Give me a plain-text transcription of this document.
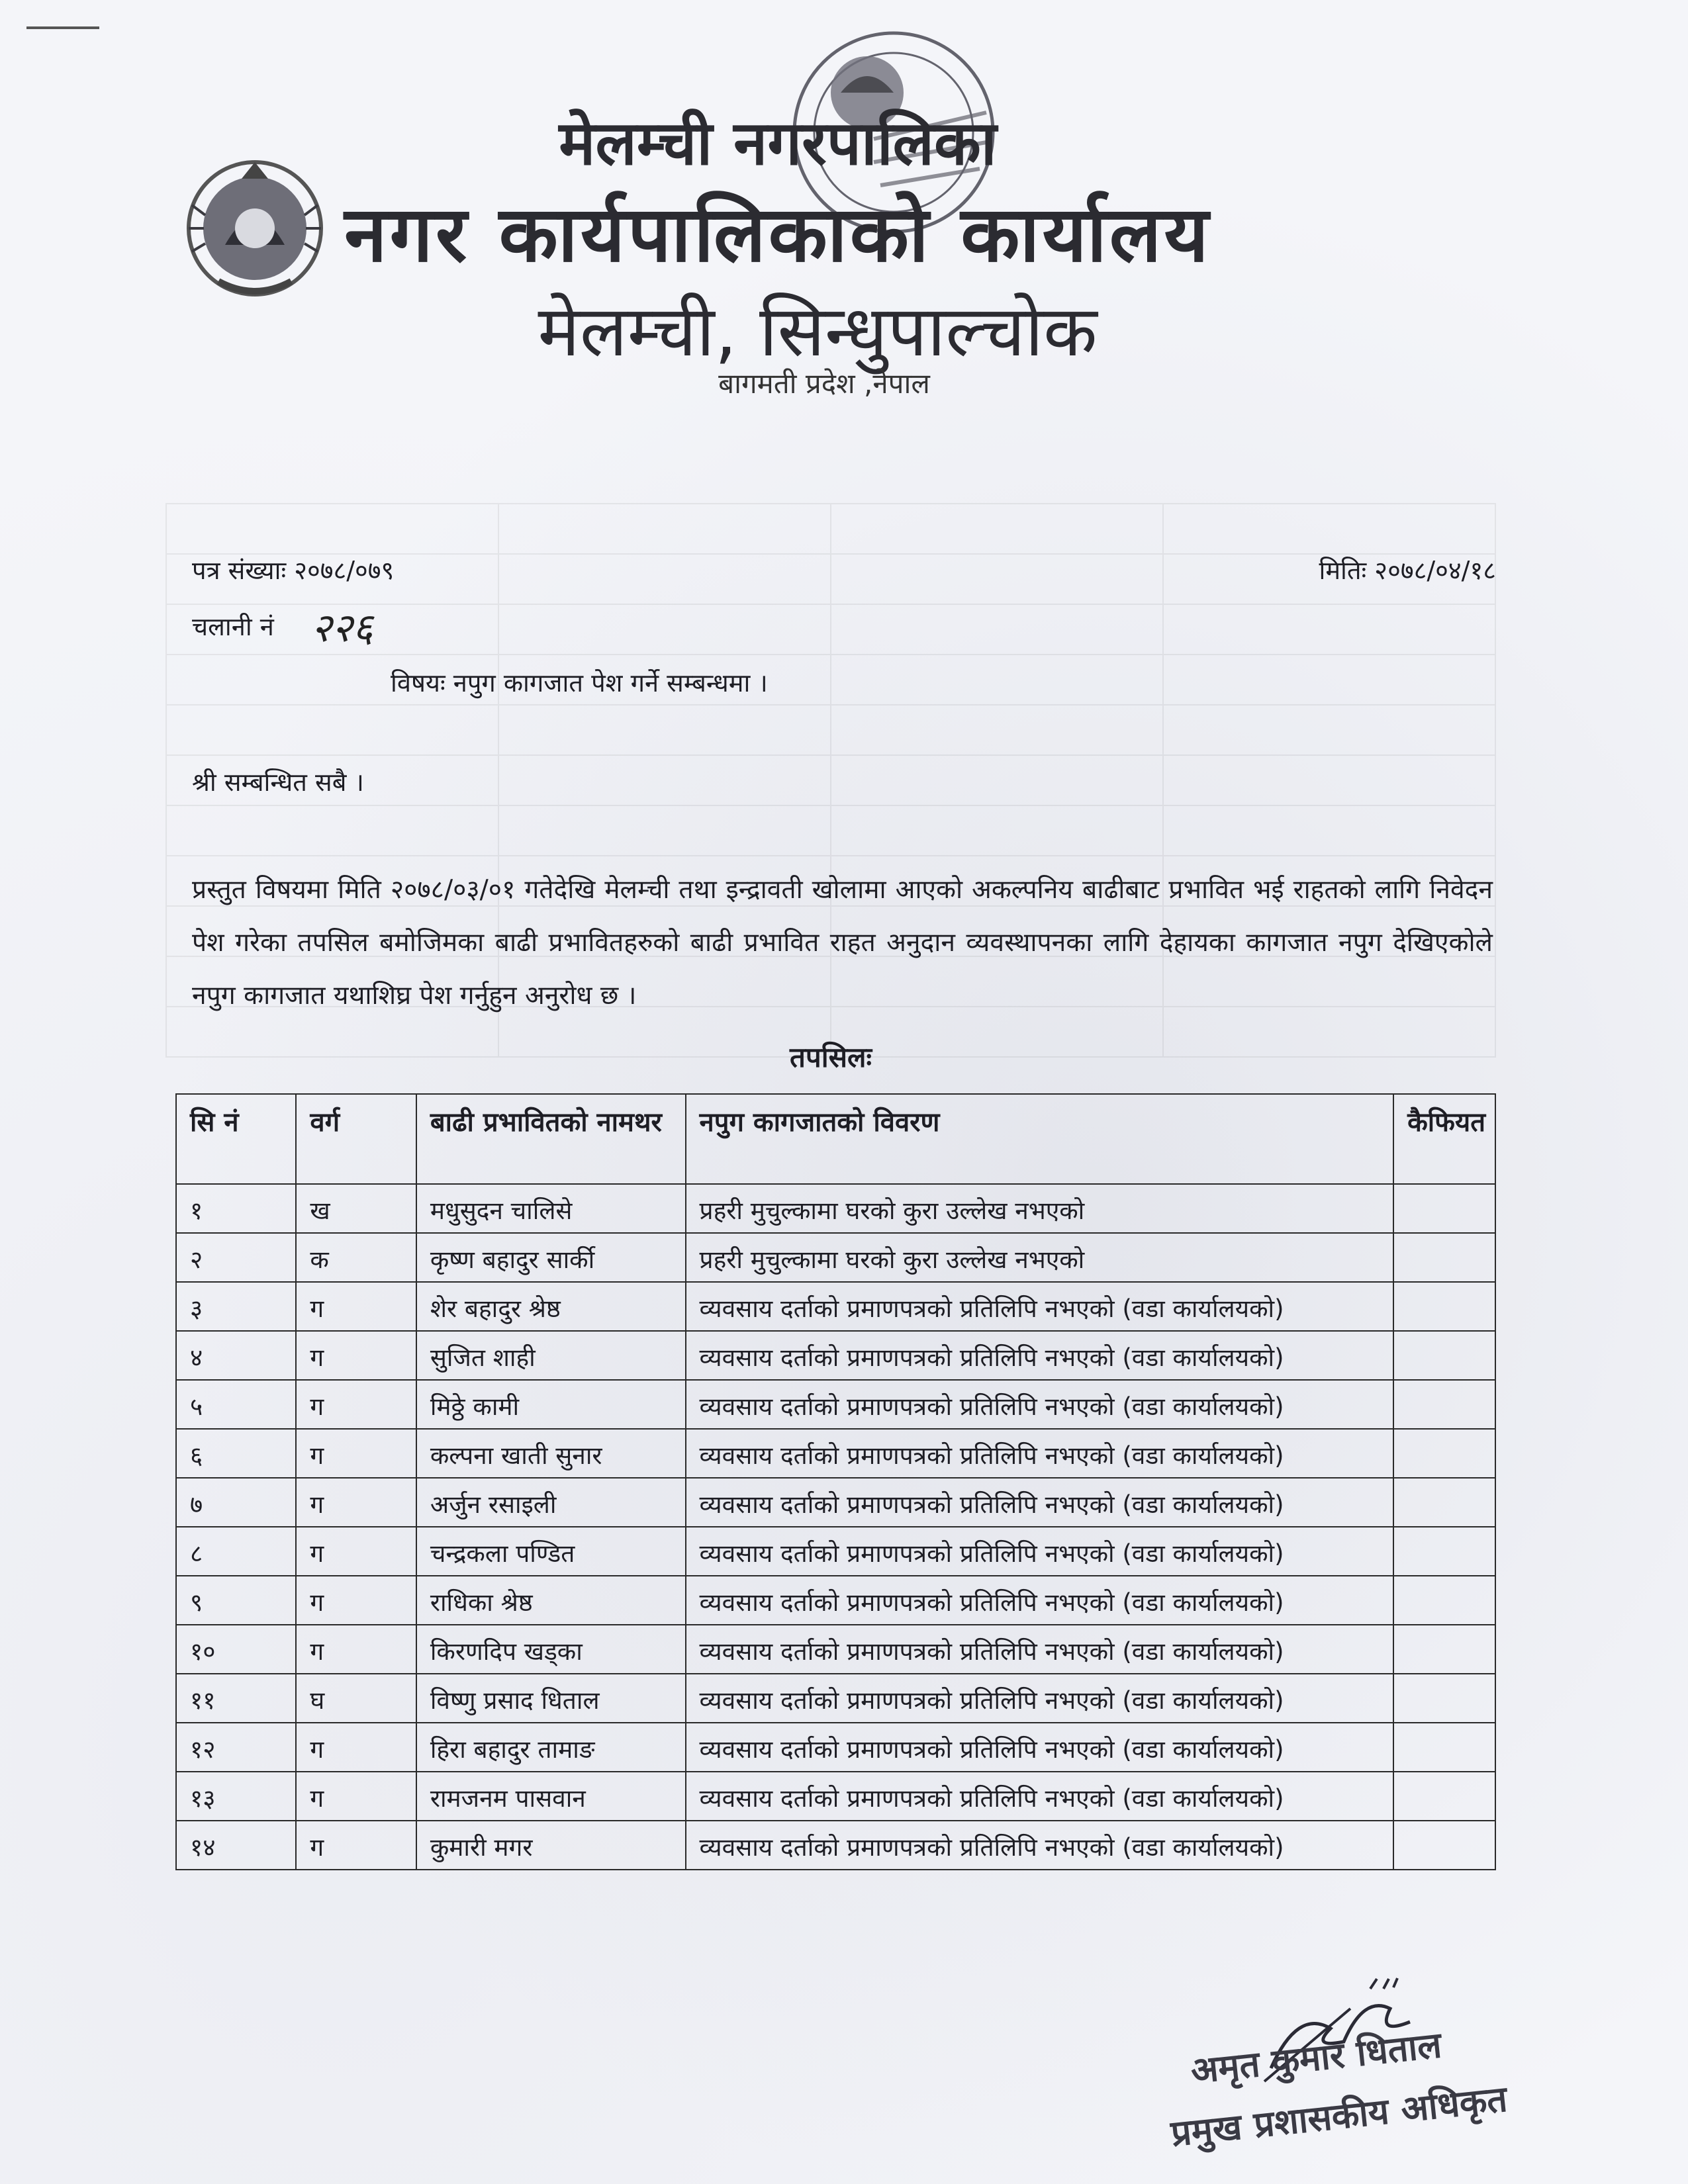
मेलम्ची नगरपालिका
नगर कार्यपालिकाको कार्यालय
मेलम्ची, सिन्धुपाल्चोक
बागमती प्रदेश ,नेपाल

पत्र संख्याः २०७८/०७९	मितिः २०७८/०४/१८
चलानी नं २२६
विषयः नपुग कागजात पेश गर्ने सम्बन्धमा ।
श्री सम्बन्धित सबै ।
प्रस्तुत विषयमा मिति २०७८/०३/०१ गतेदेखि मेलम्ची तथा इन्द्रावती खोलामा आएको अकल्पनिय बाढीबाट प्रभावित भई राहतको लागि निवेदन पेश गरेका तपसिल बमोजिमका बाढी प्रभावितहरुको बाढी प्रभावित राहत अनुदान व्यवस्थापनका लागि देहायका कागजात नपुग देखिएकोले नपुग कागजात यथाशिघ्र पेश गर्नुहुन अनुरोध छ ।
तपसिलः
सि नं	वर्ग	बाढी प्रभावितको नामथर	नपुग कागजातको विवरण	कैफियत
१	ख	मधुसुदन चालिसे	प्रहरी मुचुल्कामा घरको कुरा उल्लेख नभएको	
२	क	कृष्ण बहादुर सार्की	प्रहरी मुचुल्कामा घरको कुरा उल्लेख नभएको	
३	ग	शेर बहादुर श्रेष्ठ	व्यवसाय दर्ताको प्रमाणपत्रको प्रतिलिपि नभएको (वडा कार्यालयको)	
४	ग	सुजित शाही	व्यवसाय दर्ताको प्रमाणपत्रको प्रतिलिपि नभएको (वडा कार्यालयको)	
५	ग	मिठ्ठे कामी	व्यवसाय दर्ताको प्रमाणपत्रको प्रतिलिपि नभएको (वडा कार्यालयको)	
६	ग	कल्पना खाती सुनार	व्यवसाय दर्ताको प्रमाणपत्रको प्रतिलिपि नभएको (वडा कार्यालयको)	
७	ग	अर्जुन रसाइली	व्यवसाय दर्ताको प्रमाणपत्रको प्रतिलिपि नभएको (वडा कार्यालयको)	
८	ग	चन्द्रकला पण्डित	व्यवसाय दर्ताको प्रमाणपत्रको प्रतिलिपि नभएको (वडा कार्यालयको)	
९	ग	राधिका श्रेष्ठ	व्यवसाय दर्ताको प्रमाणपत्रको प्रतिलिपि नभएको (वडा कार्यालयको)	
१०	ग	किरणदिप खड्का	व्यवसाय दर्ताको प्रमाणपत्रको प्रतिलिपि नभएको (वडा कार्यालयको)	
११	घ	विष्णु प्रसाद धिताल	व्यवसाय दर्ताको प्रमाणपत्रको प्रतिलिपि नभएको (वडा कार्यालयको)	
१२	ग	हिरा बहादुर तामाङ	व्यवसाय दर्ताको प्रमाणपत्रको प्रतिलिपि नभएको (वडा कार्यालयको)	
१३	ग	रामजनम पासवान	व्यवसाय दर्ताको प्रमाणपत्रको प्रतिलिपि नभएको (वडा कार्यालयको)	
१४	ग	कुमारी मगर	व्यवसाय दर्ताको प्रमाणपत्रको प्रतिलिपि नभएको (वडा कार्यालयको)	
अमृत कुमार धिताल
प्रमुख प्रशासकीय अधिकृत
